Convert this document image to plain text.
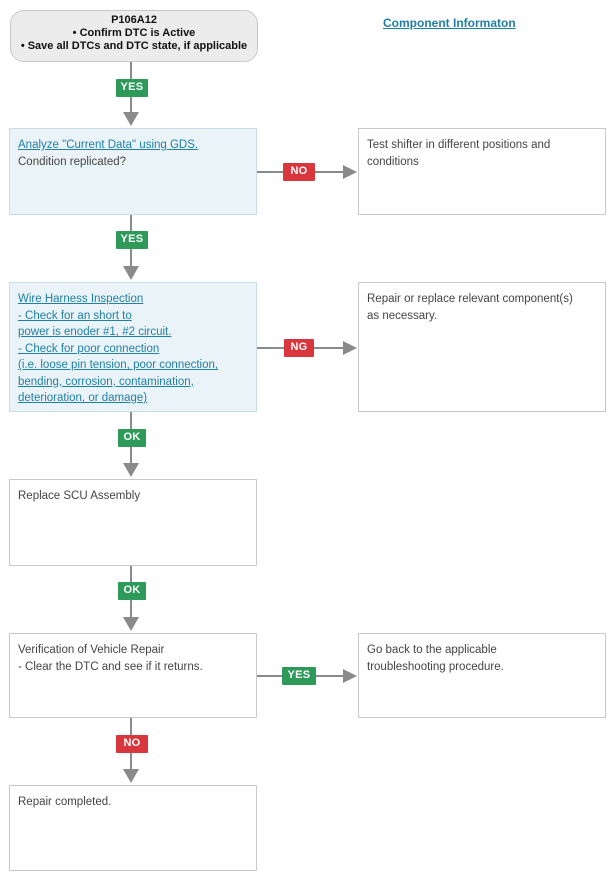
P106A12
• Confirm DTC is Active
• Save all DTCs and DTC state, if applicable
Component Informaton
YES
Analyze "Current Data" using GDS.
Condition replicated?
NO
Test shifter in different positions and
conditions
YES
Wire Harness Inspection
- Check for an short to
power is enoder #1, #2 circuit.
- Check for poor connection
(i.e. loose pin tension, poor connection,
bending, corrosion, contamination,
deterioration, or damage)
NG
Repair or replace relevant component(s)
as necessary.
OK
Replace SCU Assembly
OK
Verification of Vehicle Repair
- Clear the DTC and see if it returns.
YES
Go back to the applicable
troubleshooting procedure.
NO
Repair completed.
